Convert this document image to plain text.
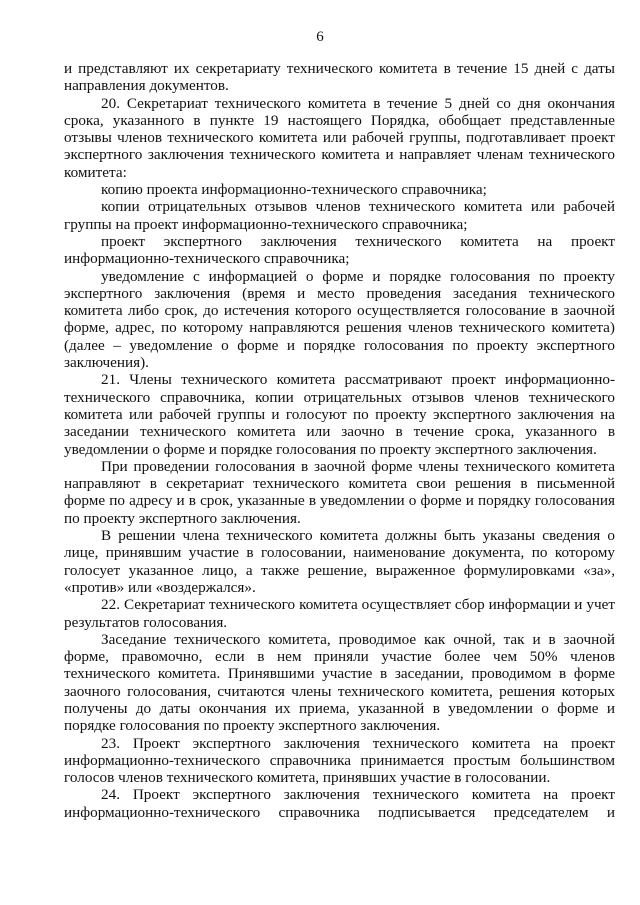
6

и представляют их секретариату технического комитета в течение 15 дней с даты направления документов.

20. Секретариат технического комитета в течение 5 дней со дня окончания срока, указанного в пункте 19 настоящего Порядка, обобщает представленные отзывы членов технического комитета или рабочей группы, подготавливает проект экспертного заключения технического комитета и направляет членам технического комитета:

копию проекта информационно-технического справочника;

копии отрицательных отзывов членов технического комитета или рабочей группы на проект информационно-технического справочника;

проект экспертного заключения технического комитета на проект информационно-технического справочника;

уведомление с информацией о форме и порядке голосования по проекту экспертного заключения (время и место проведения заседания технического комитета либо срок, до истечения которого осуществляется голосование в заочной форме, адрес, по которому направляются решения членов технического комитета) (далее – уведомление о форме и порядке голосования по проекту экспертного заключения).

21. Члены технического комитета рассматривают проект информационно-технического справочника, копии отрицательных отзывов членов технического комитета или рабочей группы и голосуют по проекту экспертного заключения на заседании технического комитета или заочно в течение срока, указанного в уведомлении о форме и порядке голосования по проекту экспертного заключения.

При проведении голосования в заочной форме члены технического комитета направляют в секретариат технического комитета свои решения в письменной форме по адресу и в срок, указанные в уведомлении о форме и порядку голосования по проекту экспертного заключения.

В решении члена технического комитета должны быть указаны сведения о лице, принявшим участие в голосовании, наименование документа, по которому голосует указанное лицо, а также решение, выраженное формулировками «за», «против» или «воздержался».

22. Секретариат технического комитета осуществляет сбор информации и учет результатов голосования.

Заседание технического комитета, проводимое как очной, так и в заочной форме, правомочно, если в нем приняли участие более чем 50% членов технического комитета. Принявшими участие в заседании, проводимом в форме заочного голосования, считаются члены технического комитета, решения которых получены до даты окончания их приема, указанной в уведомлении о форме и порядке голосования по проекту экспертного заключения.

23. Проект экспертного заключения технического комитета на проект информационно-технического справочника принимается простым большинством голосов членов технического комитета, принявших участие в голосовании.

24. Проект экспертного заключения технического комитета на проект информационно-технического справочника подписывается председателем и
